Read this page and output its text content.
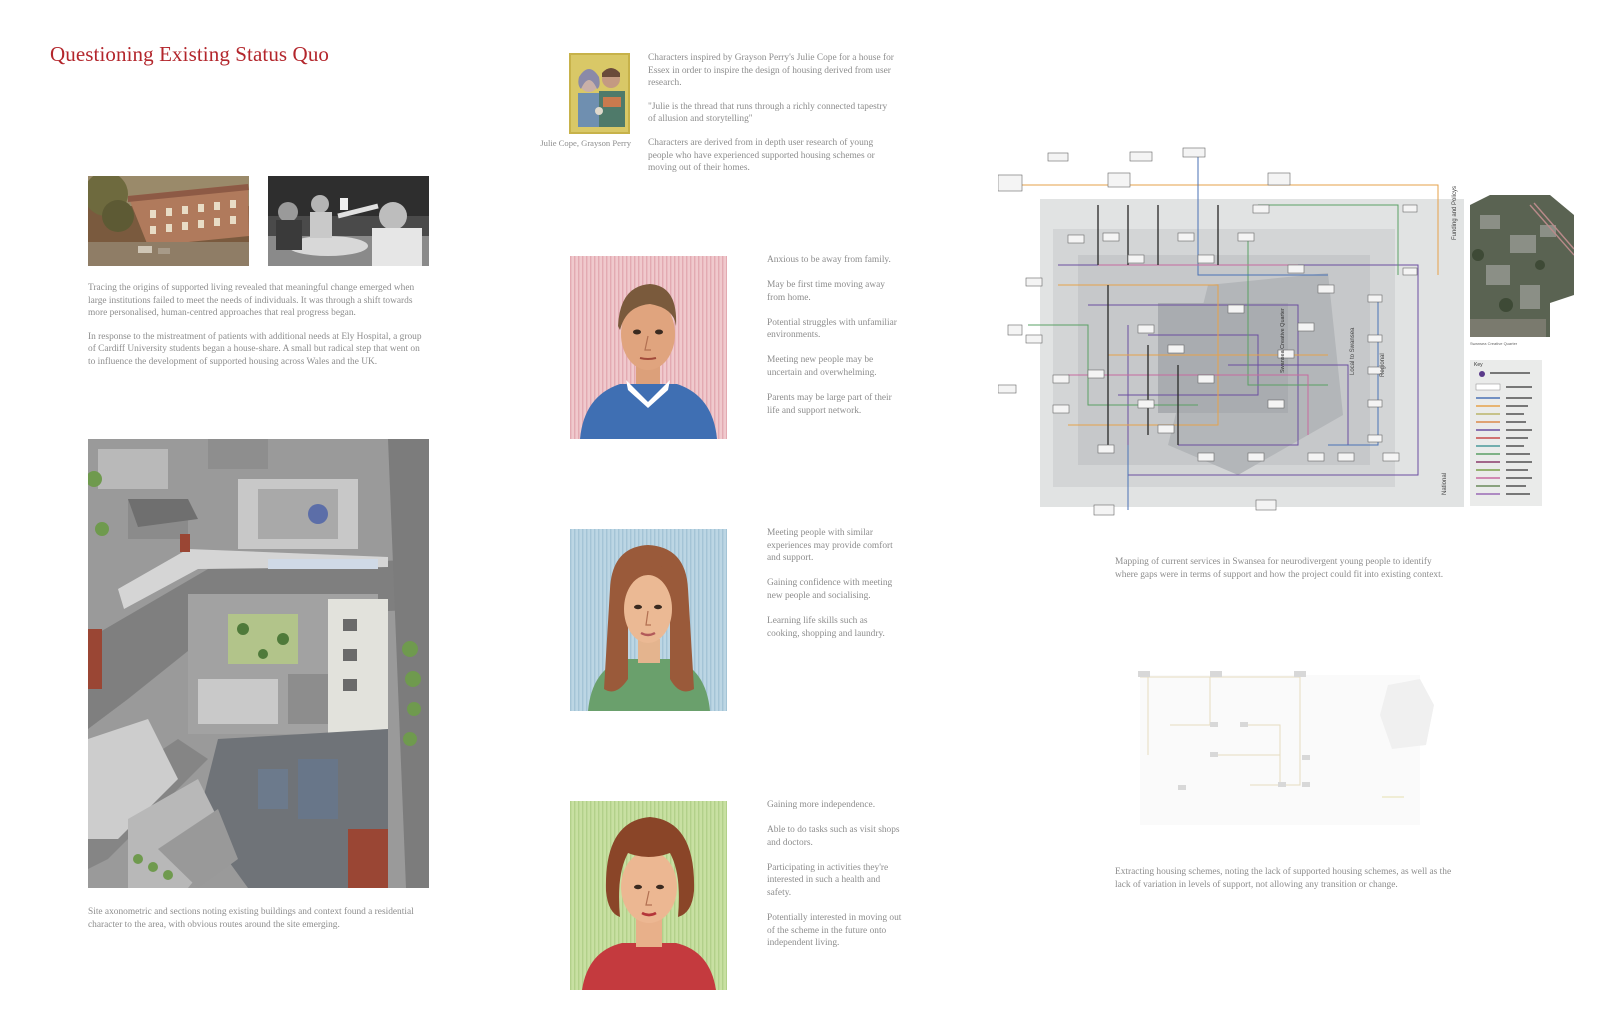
Questioning Existing Status Quo

Tracing the origins of supported living revealed that meaningful change emerged when large institutions failed to meet the needs of individuals. It was through a shift towards more personalised, human-centred approaches that real progress began.

In response to the mistreatment of patients with additional needs at Ely Hospital, a group of Cardiff University students began a house-share. A small but radical step that went on to influence the development of supported housing across Wales and the UK.

Site axonometric and sections noting existing buildings and context found a residential character to the area, with obvious routes around the site emerging.
Julie Cope, Grayson Perry

Characters inspired by Grayson Perry's Julie Cope for a house for Essex in order to inspire the design of housing derived from user research.

"Julie is the thread that runs through a richly connected tapestry of allusion and storytelling"

Characters are derived from in depth user research of young people who have experienced supported housing schemes or moving out of their homes.

Anxious to be away from family.

May be first time moving away from home.

Potential struggles with unfamiliar environments.

Meeting new people may be uncertain and overwhelming.

Parents may be large part of their life and support network.

Meeting people with similar experiences may provide comfort and support.

Gaining confidence with meeting new people and socialising.

Learning life skills such as cooking, shopping and laundry.

Gaining more independence.

Able to do tasks such as visit shops and doctors.

Participating in activities they're interested in such a health and safety.

Potentially interested in moving out of the scheme in the future onto independent living.

Local to Swansea	Regional
National
Swansea Creative Quarter
Funding and Policys
Swansea Creative Quarter
Key
Mapping of current services in Swansea for neurodivergent young people to identify where gaps were in terms of support and how the project could fit into existing context.
Extracting housing schemes, noting the lack of supported housing schemes, as well as the lack of variation in levels of support, not allowing any transition or change.
